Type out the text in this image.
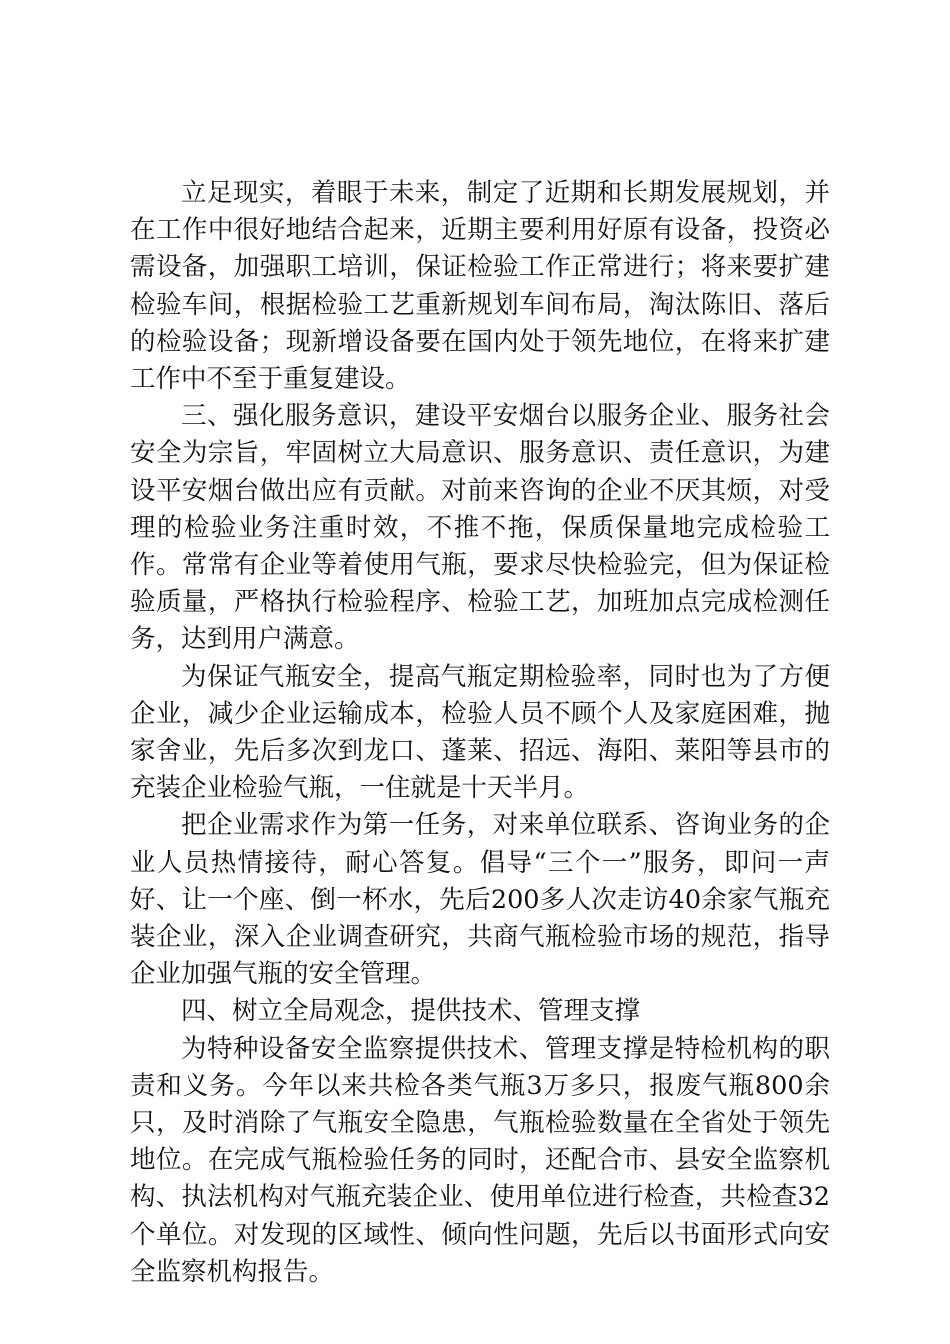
立足现实，着眼于未来，制定了近期和长期发展规划，并在工作中很好地结合起来，近期主要利用好原有设备，投资必需设备，加强职工培训，保证检验工作正常进行；将来要扩建检验车间，根据检验工艺重新规划车间布局，淘汰陈旧、落后的检验设备；现新增设备要在国内处于领先地位，在将来扩建工作中不至于重复建设。

三、强化服务意识，建设平安烟台以服务企业、服务社会安全为宗旨，牢固树立大局意识、服务意识、责任意识，为建设平安烟台做出应有贡献。对前来咨询的企业不厌其烦，对受理的检验业务注重时效，不推不拖，保质保量地完成检验工作。常常有企业等着使用气瓶，要求尽快检验完，但为保证检验质量，严格执行检验程序、检验工艺，加班加点完成检测任务，达到用户满意。

为保证气瓶安全，提高气瓶定期检验率，同时也为了方便企业，减少企业运输成本，检验人员不顾个人及家庭困难，抛家舍业，先后多次到龙口、蓬莱、招远、海阳、莱阳等县市的充装企业检验气瓶，一住就是十天半月。

把企业需求作为第一任务，对来单位联系、咨询业务的企业人员热情接待，耐心答复。倡导“三个一”服务，即问一声好、让一个座、倒一杯水，先后200多人次走访40余家气瓶充装企业，深入企业调查研究，共商气瓶检验市场的规范，指导企业加强气瓶的安全管理。

四、树立全局观念，提供技术、管理支撑

为特种设备安全监察提供技术、管理支撑是特检机构的职责和义务。今年以来共检各类气瓶3万多只，报废气瓶800余只，及时消除了气瓶安全隐患，气瓶检验数量在全省处于领先地位。在完成气瓶检验任务的同时，还配合市、县安全监察机构、执法机构对气瓶充装企业、使用单位进行检查，共检查32个单位。对发现的区域性、倾向性问题，先后以书面形式向安全监察机构报告。
